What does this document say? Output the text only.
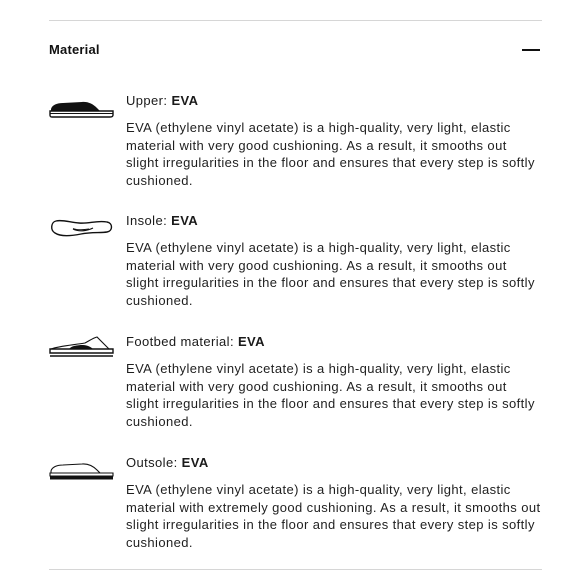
Material

Upper: EVA

EVA (ethylene vinyl acetate) is a high-quality, very light, elastic material with very good cushioning. As a result, it smooths out slight irregularities in the floor and ensures that every step is softly cushioned.

Insole: EVA

EVA (ethylene vinyl acetate) is a high-quality, very light, elastic material with very good cushioning. As a result, it smooths out slight irregularities in the floor and ensures that every step is softly cushioned.

Footbed material: EVA

EVA (ethylene vinyl acetate) is a high-quality, very light, elastic material with very good cushioning. As a result, it smooths out slight irregularities in the floor and ensures that every step is softly cushioned.

Outsole: EVA

EVA (ethylene vinyl acetate) is a high-quality, very light, elastic material with extremely good cushioning. As a result, it smooths out slight irregularities in the floor and ensures that every step is softly cushioned.
